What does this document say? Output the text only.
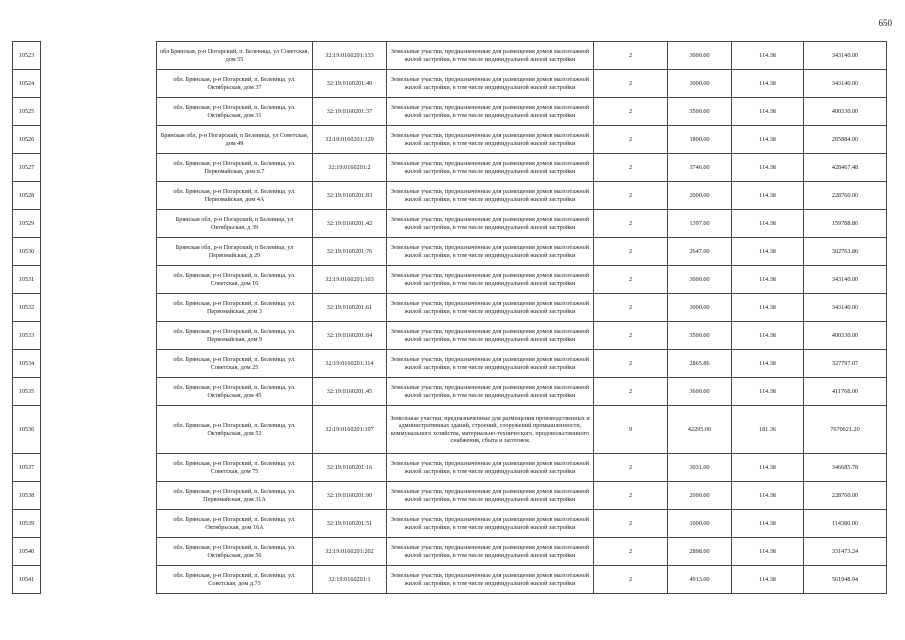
650
10523		обл Брянская, р-н Погарский, п. Белевица, ул Советская, дом 55	32:19:0160201:133	Земельные участки, предназначенные для размещения домов малоэтажной жилой застройки, в том числе индивидуальной жилой застройки	2	3000.00	114.38	343140.00
10524		обл. Брянская, р-н Погарский, п. Белевица, ул. Октябрьская, дом 37	32:19:0160201:40	Земельные участки, предназначенные для размещения домов малоэтажной жилой застройки, в том числе индивидуальной жилой застройки	2	3000.00	114.38	343140.00
10525		обл. Брянская, р-н Погарский, п. Белевица, ул. Октябрьская, дом 31	32:19:0160201:37	Земельные участки, предназначенные для размещения домов малоэтажной жилой застройки, в том числе индивидуальной жилой застройки	2	3500.00	114.38	400330.00
10526		Брянская обл, р-н Погарский, п Белевица, ул Советская, дом 49	32:19:0160201:129	Земельные участки, предназначенные для размещения домов малоэтажной жилой застройки, в том числе индивидуальной жилой застройки	2	1800.00	114.38	205884.00
10527		обл. Брянская, р-н Погарский, п. Белевица, ул. Первомайская, дом п.7	32:19:0160201:2	Земельные участки, предназначенные для размещения домов малоэтажной жилой застройки, в том числе индивидуальной жилой застройки	2	3746.00	114.38	428467.48
10528		обл. Брянская, р-н Погарский, п. Белевица, ул. Первомайская, дом 4А	32:19:0160201:83	Земельные участки, предназначенные для размещения домов малоэтажной жилой застройки, в том числе индивидуальной жилой застройки	2	2000.00	114.38	228760.00
10529		Брянская обл, р-н Погарский, п Белевица, ул Октябрьская, д 39	32:19:0160201:42	Земельные участки, предназначенные для размещения домов малоэтажной жилой застройки, в том числе индивидуальной жилой застройки	2	1397.00	114.38	159788.86
10530		Брянская обл, р-н Погарский, п Белевица, ул Первомайская, д 29	32:19:0160201:76	Земельные участки, предназначенные для размещения домов малоэтажной жилой застройки, в том числе индивидуальной жилой застройки	2	2647.00	114.38	302763.86
10531		обл. Брянская, р-н Погарский, п. Белевица, ул. Советская, дом 10	32:19:0160201:103	Земельные участки, предназначенные для размещения домов малоэтажной жилой застройки, в том числе индивидуальной жилой застройки	2	3000.00	114.38	343140.00
10532		обл. Брянская, р-н Погарский, п. Белевица, ул. Первомайская, дом 3	32:19:0160201:61	Земельные участки, предназначенные для размещения домов малоэтажной жилой застройки, в том числе индивидуальной жилой застройки	2	3000.00	114.38	343140.00
10533		обл. Брянская, р-н Погарский, п. Белевица, ул. Первомайская, дом 9	32:19:0160201:84	Земельные участки, предназначенные для размещения домов малоэтажной жилой застройки, в том числе индивидуальной жилой застройки	2	3500.00	114.38	400330.00
10534		обл. Брянская, р-н Погарский, п. Белевица, ул. Советская, дом 25	32:19:0160201:114	Земельные участки, предназначенные для размещения домов малоэтажной жилой застройки, в том числе индивидуальной жилой застройки	2	2865.86	114.38	327797.07
10535		обл. Брянская, р-н Погарский, п. Белевица, ул. Октябрьская, дом 45	32:19:0160201:45	Земельные участки, предназначенные для размещения домов малоэтажной жилой застройки, в том числе индивидуальной жилой застройки	2	3600.00	114.38	411768.00
10536		обл. Брянская, р-н Погарский, п. Белевица, ул. Октябрьская, дом 53	32:19:0160201:197	Земельные участки, предназначенные для размещения производственных и административных зданий, строений, сооружений промышленности, коммунального хозяйства, материально-технического, продовольственного снабжения, сбыта и заготовок	9	42295.00	181.36	7670621.20
10537		обл. Брянская, р-н Погарский, п. Белевица, ул. Советская, дом 75	32:19:0160201:16	Земельные участки, предназначенные для размещения домов малоэтажной жилой застройки, в том числе индивидуальной жилой застройки	2	3031.00	114.38	346685.78
10538		обл. Брянская, р-н Погарский, п. Белевица, ул. Первомайская, дом 31А	32:19:0160201:90	Земельные участки, предназначенные для размещения домов малоэтажной жилой застройки, в том числе индивидуальной жилой застройки	2	2000.00	114.38	228760.00
10539		обл. Брянская, р-н Погарский, п. Белевица, ул. Октябрьская, дом 16А	32:19:0160201:51	Земельные участки, предназначенные для размещения домов малоэтажной жилой застройки, в том числе индивидуальной жилой застройки	2	1000.00	114.38	114380.00
10540		обл. Брянская, р-н Погарский, п. Белевица, ул. Октябрьская, дом 56	32:19:0160201:202	Земельные участки, предназначенные для размещения домов малоэтажной жилой застройки, в том числе индивидуальной жилой застройки	2	2898.00	114.38	331473.24
10541		обл. Брянская, р-н Погарский, п. Белевица, ул. Советская, дом д.73	32:19:0160201:1	Земельные участки, предназначенные для размещения домов малоэтажной жилой застройки, в том числе индивидуальной жилой застройки	2	4913.00	114.38	561948.94
